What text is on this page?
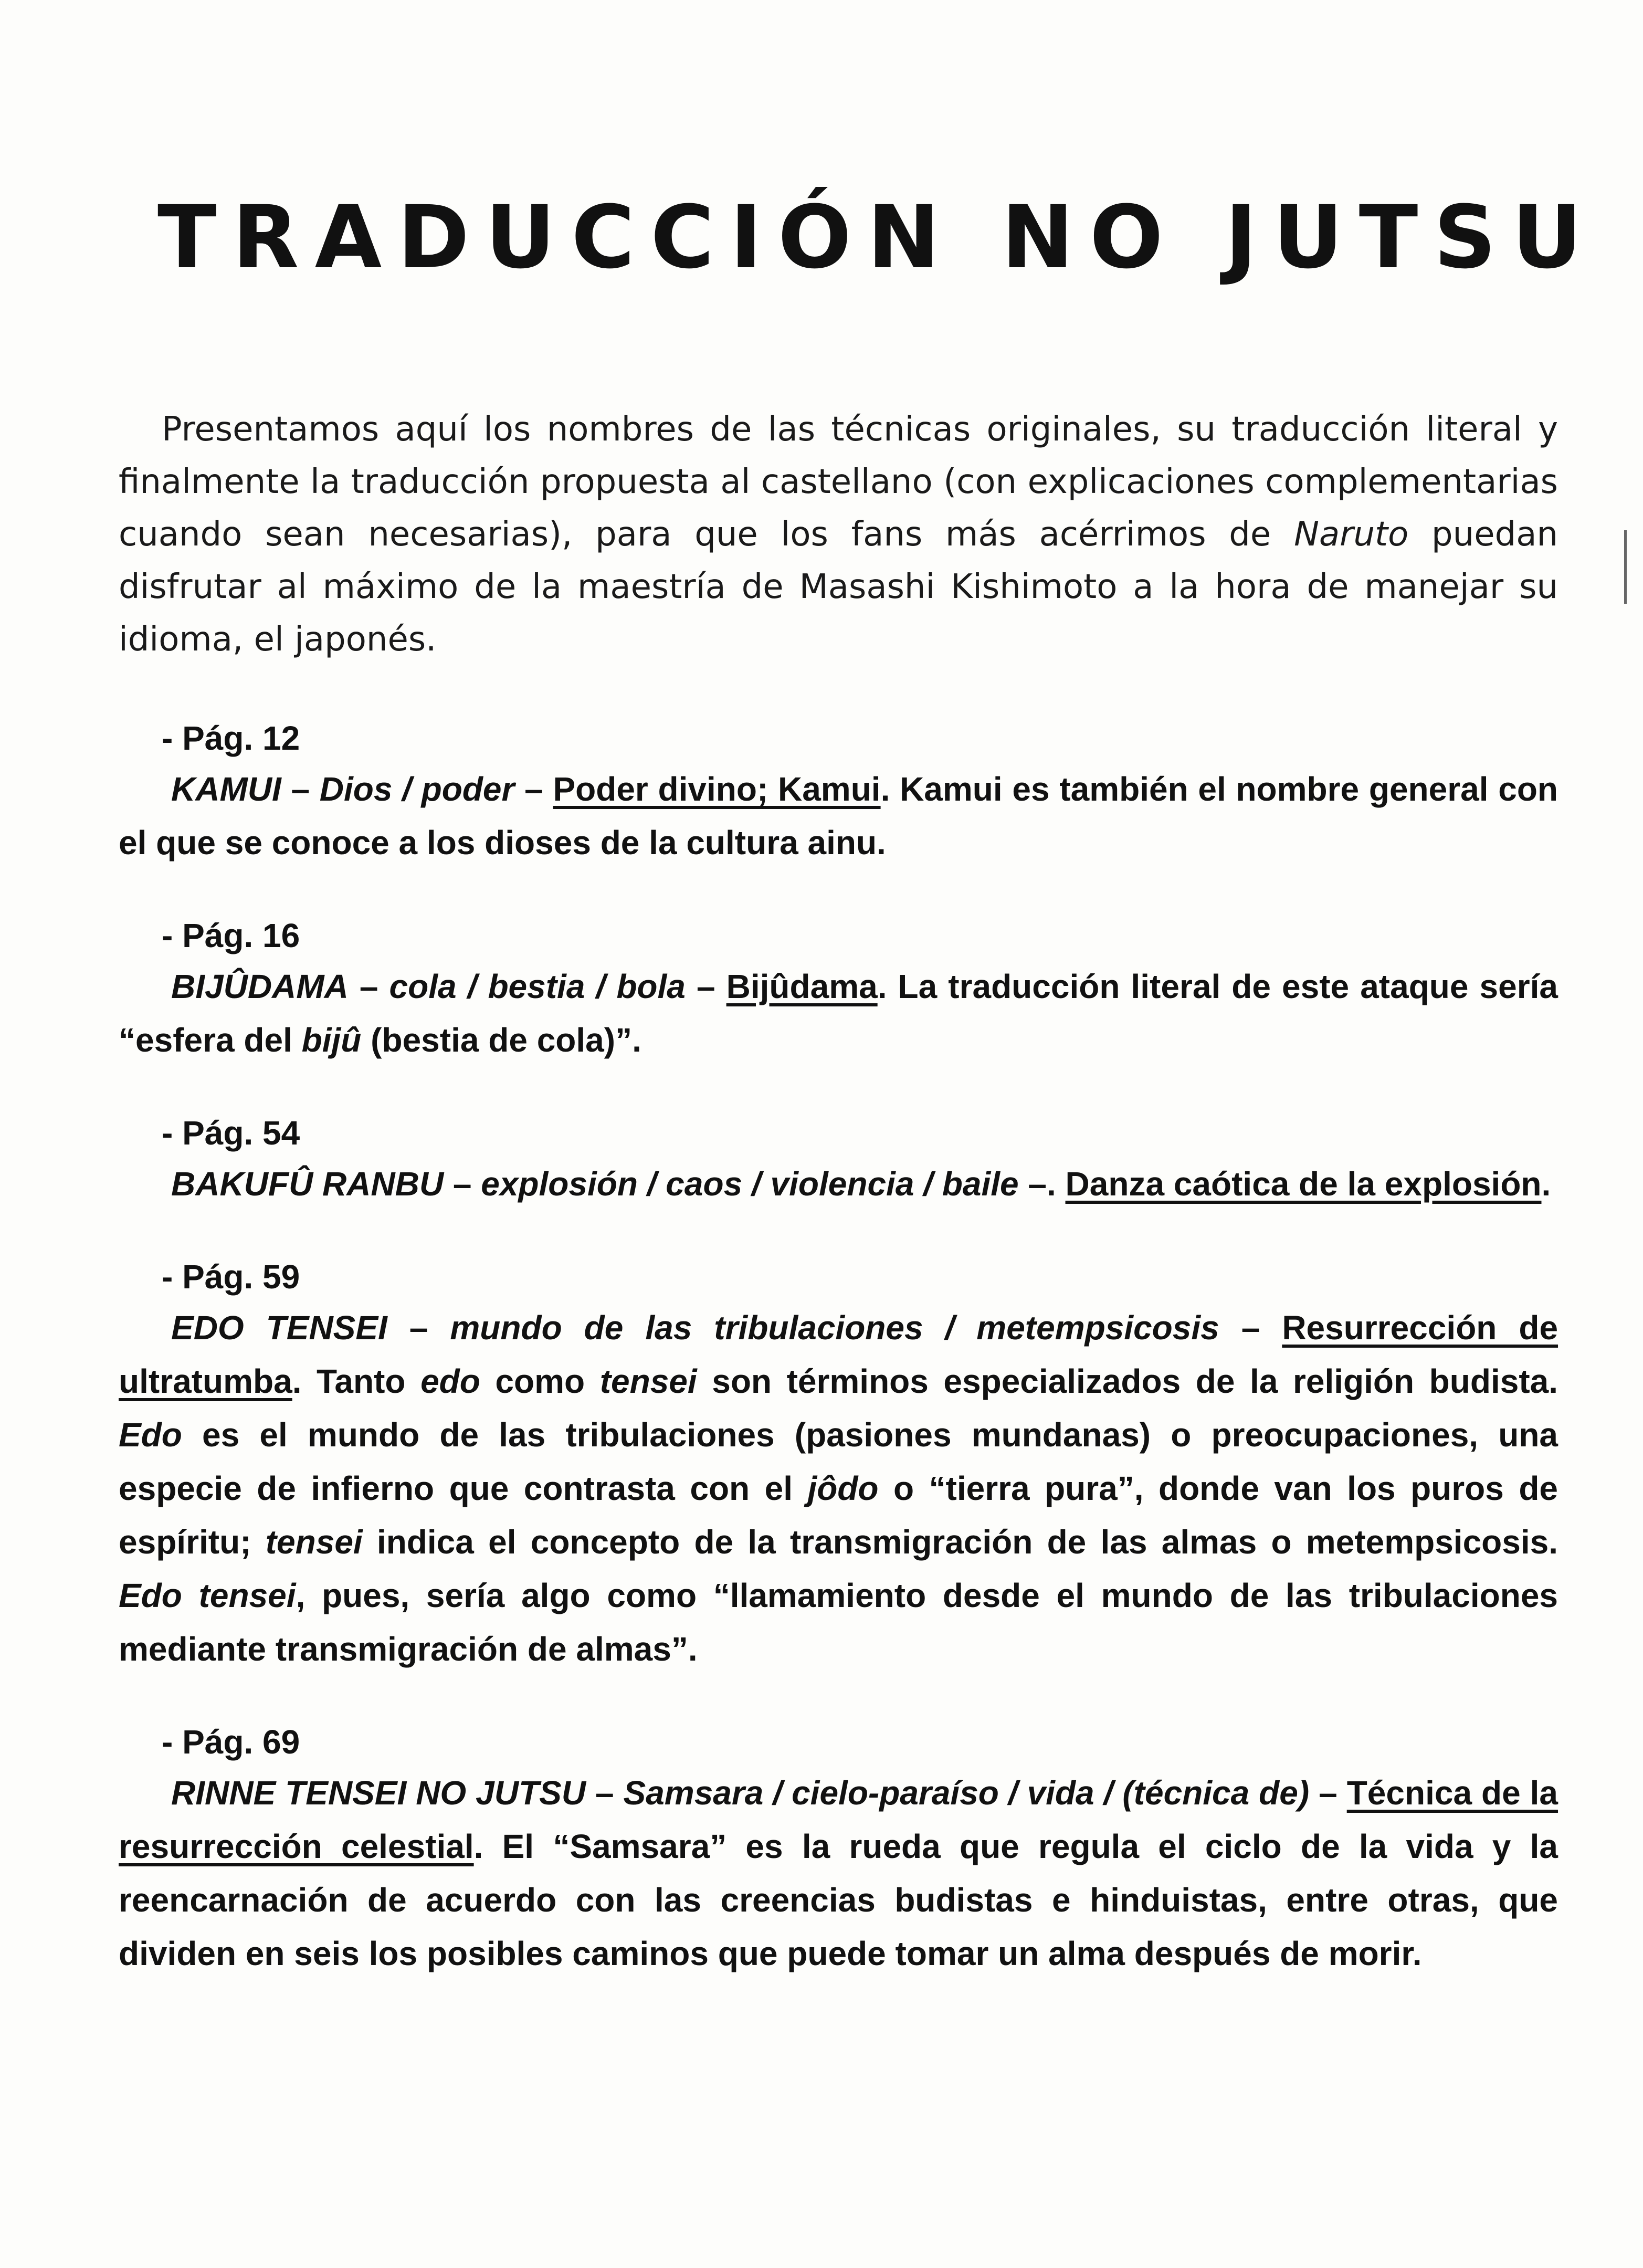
TRADUCCIÓN NO JUTSU

Presentamos aquí los nombres de las técnicas originales, su traducción literal y finalmente la traducción propuesta al castellano (con explicaciones complementarias cuando sean necesarias), para que los fans más acérrimos de Naruto puedan disfrutar al máximo de la maestría de Masashi Kishimoto a la hora de manejar su idioma, el japonés.

- Pág. 12

KAMUI – Dios / poder – Poder divino; Kamui. Kamui es también el nombre general con el que se conoce a los dioses de la cultura ainu.

- Pág. 16

BIJÛDAMA – cola / bestia / bola – Bijûdama. La traducción literal de este ataque sería “esfera del bijû (bestia de cola)”.

- Pág. 54

BAKUFÛ RANBU – explosión / caos / violencia / baile –. Danza caótica de la explosión.

- Pág. 59

EDO TENSEI – mundo de las tribulaciones / metempsicosis – Resurrección de ultratumba. Tanto edo como tensei son términos especializados de la religión budista. Edo es el mundo de las tribulaciones (pasiones mundanas) o preocupaciones, una especie de infierno que contrasta con el jôdo o “tierra pura”, donde van los puros de espíritu; tensei indica el concepto de la transmigración de las almas o metempsicosis. Edo tensei, pues, sería algo como “llamamiento desde el mundo de las tribulaciones mediante transmigración de almas”.

- Pág. 69

RINNE TENSEI NO JUTSU – Samsara / cielo-paraíso / vida / (técnica de) – Técnica de la resurrección celestial. El “Samsara” es la rueda que regula el ciclo de la vida y la reencarnación de acuerdo con las creencias budistas e hinduistas, entre otras, que dividen en seis los posibles caminos que puede tomar un alma después de morir.
